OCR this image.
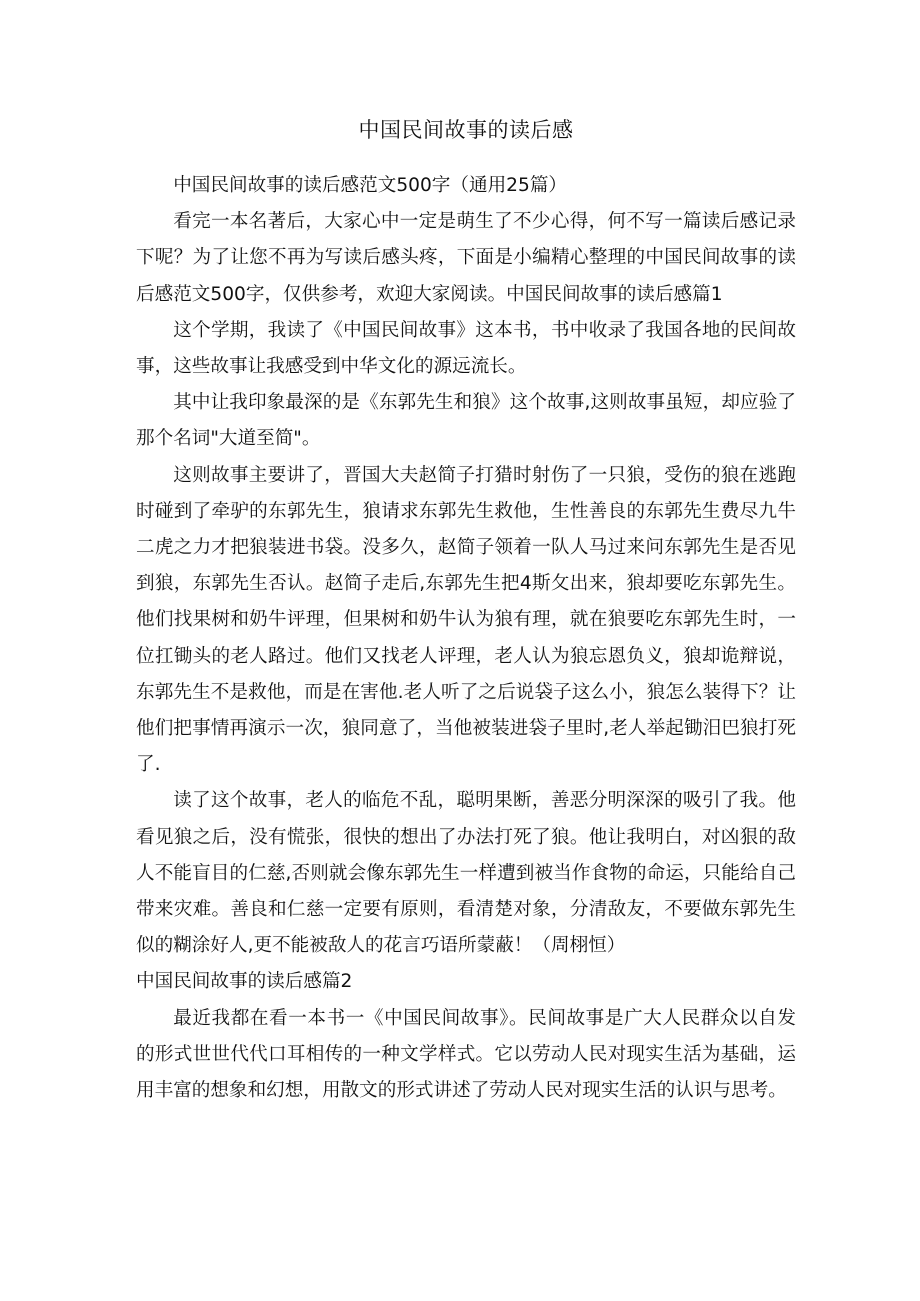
中国民间故事的读后感

中国民间故事的读后感范文500字（通用25篇）

看完一本名著后，大家心中一定是萌生了不少心得，何不写一篇读后感记录下呢？为了让您不再为写读后感头疼，下面是小编精心整理的中国民间故事的读后感范文500字，仅供参考，欢迎大家阅读。中国民间故事的读后感篇1

这个学期，我读了《中国民间故事》这本书，书中收录了我国各地的民间故事，这些故事让我感受到中华文化的源远流长。

其中让我印象最深的是《东郭先生和狼》这个故事,这则故事虽短，却应验了那个名词"大道至简"。

这则故事主要讲了，晋国大夫赵简子打猎时射伤了一只狼，受伤的狼在逃跑时碰到了牵驴的东郭先生，狼请求东郭先生救他，生性善良的东郭先生费尽九牛二虎之力才把狼装进书袋。没多久，赵简子领着一队人马过来问东郭先生是否见到狼，东郭先生否认。赵简子走后,东郭先生把4斯攵出来，狼却要吃东郭先生。他们找果树和奶牛评理，但果树和奶牛认为狼有理，就在狼要吃东郭先生时，一位扛锄头的老人路过。他们又找老人评理，老人认为狼忘恩负义，狼却诡辩说，东郭先生不是救他，而是在害他.老人听了之后说袋子这么小，狼怎么装得下？让他们把事情再演示一次，狼同意了，当他被装进袋子里时,老人举起锄汨巴狼打死了.

读了这个故事，老人的临危不乱，聪明果断，善恶分明深深的吸引了我。他看见狼之后，没有慌张，很快的想出了办法打死了狼。他让我明白，对凶狠的敌人不能盲目的仁慈,否则就会像东郭先生一样遭到被当作食物的命运，只能给自己带来灾难。善良和仁慈一定要有原则，看清楚对象，分清敌友，不要做东郭先生似的糊涂好人,更不能被敌人的花言巧语所蒙蔽！（周栩恒）

中国民间故事的读后感篇2

最近我都在看一本书一《中国民间故事》。民间故事是广大人民群众以自发的形式世世代代口耳相传的一种文学样式。它以劳动人民对现实生活为基础，运用丰富的想象和幻想，用散文的形式讲述了劳动人民对现实生活的认识与思考。
